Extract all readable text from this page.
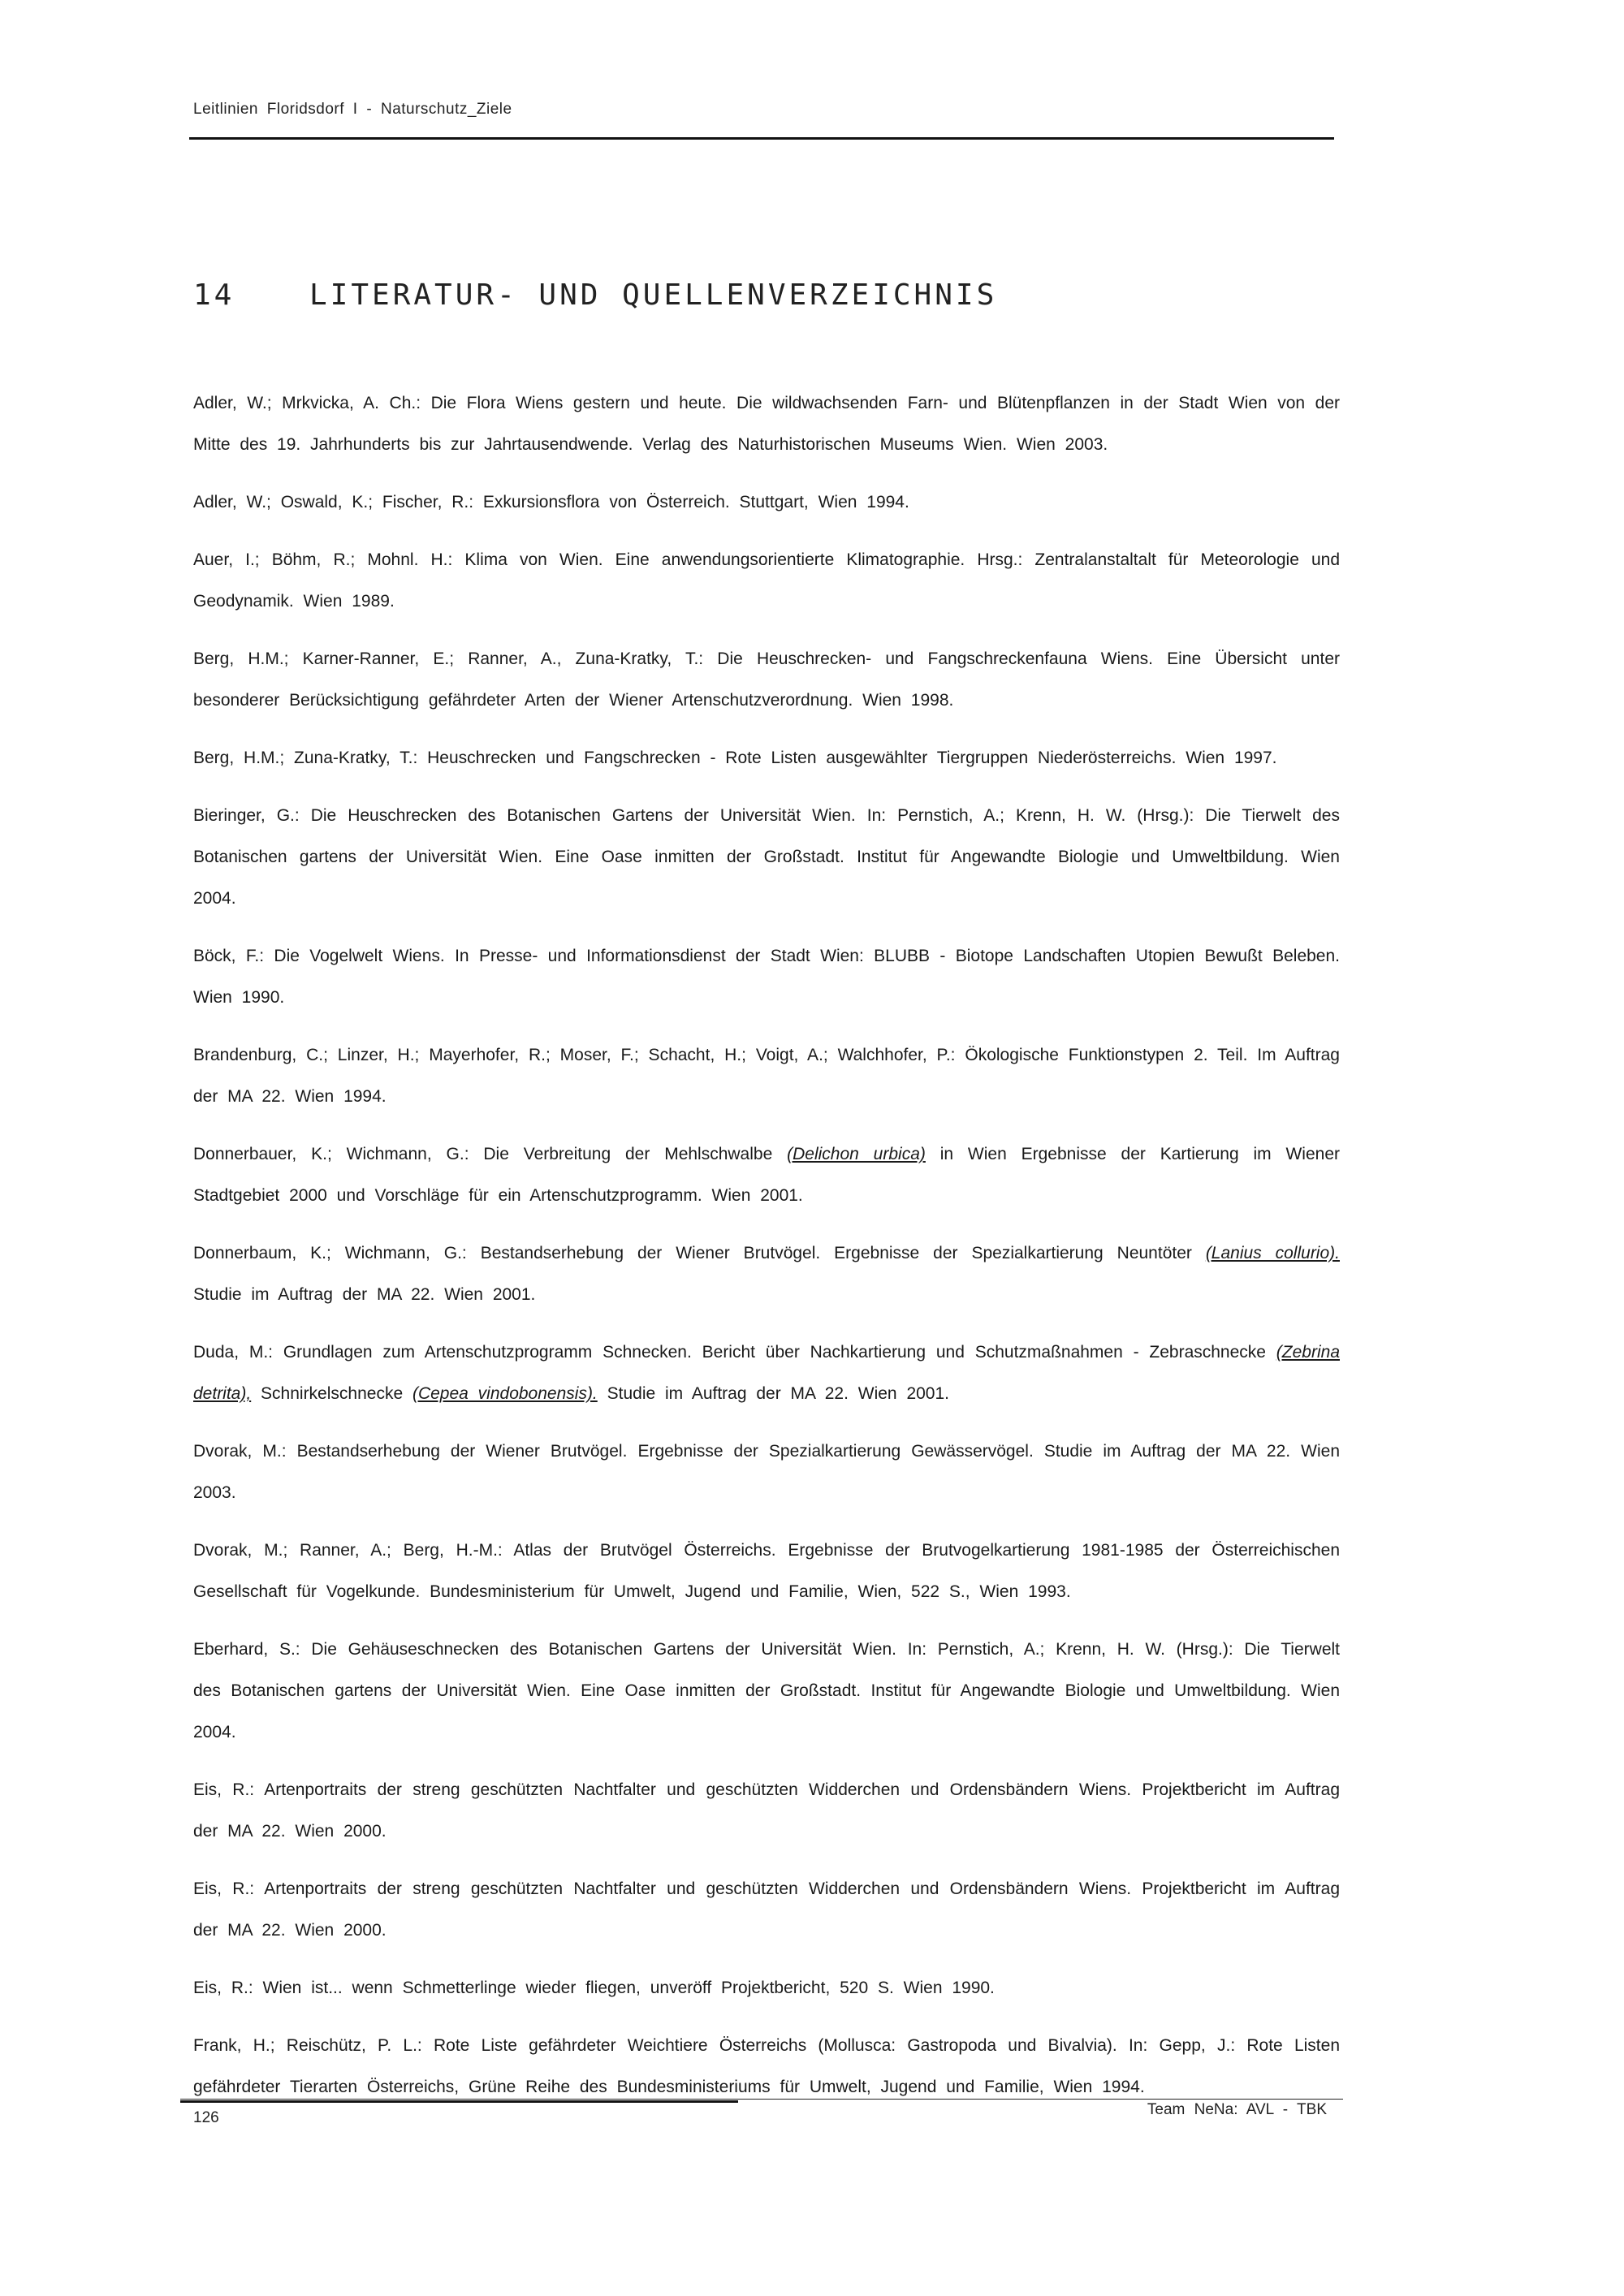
Leitlinien Floridsdorf I - Naturschutz_Ziele
14	LITERATUR- UND QUELLENVERZEICHNIS

Adler, W.; Mrkvicka, A. Ch.: Die Flora Wiens gestern und heute. Die wildwachsenden Farn- und Blütenpflanzen in der Stadt Wien von der Mitte des 19. Jahrhunderts bis zur Jahrtausendwende. Verlag des Naturhistorischen Museums Wien. Wien 2003.

Adler, W.; Oswald, K.; Fischer, R.: Exkursionsflora von Österreich. Stuttgart, Wien 1994.

Auer, I.; Böhm, R.; Mohnl. H.: Klima von Wien. Eine anwendungsorientierte Klimatographie. Hrsg.: Zentralanstaltalt für Meteorologie und Geodynamik. Wien 1989.

Berg, H.M.; Karner-Ranner, E.; Ranner, A., Zuna-Kratky, T.: Die Heuschrecken- und Fangschreckenfauna Wiens. Eine Übersicht unter besonderer Berücksichtigung gefährdeter Arten der Wiener Artenschutzverordnung. Wien 1998.

Berg, H.M.; Zuna-Kratky, T.: Heuschrecken und Fangschrecken - Rote Listen ausgewählter Tiergruppen Niederösterreichs. Wien 1997.

Bieringer, G.: Die Heuschrecken des Botanischen Gartens der Universität Wien. In: Pernstich, A.; Krenn, H. W. (Hrsg.): Die Tierwelt des Botanischen gartens der Universität Wien. Eine Oase inmitten der Großstadt. Institut für Angewandte Biologie und Umweltbildung. Wien 2004.

Böck, F.: Die Vogelwelt Wiens. In Presse- und Informationsdienst der Stadt Wien: BLUBB - Biotope Landschaften Utopien Bewußt Beleben. Wien 1990.

Brandenburg, C.; Linzer, H.; Mayerhofer, R.; Moser, F.; Schacht, H.; Voigt, A.; Walchhofer, P.: Ökologische Funktionstypen 2. Teil. Im Auftrag der MA 22. Wien 1994.

Donnerbauer, K.; Wichmann, G.: Die Verbreitung der Mehlschwalbe (Delichon urbica) in Wien Ergebnisse der Kartierung im Wiener Stadtgebiet 2000 und Vorschläge für ein Artenschutzprogramm. Wien 2001.

Donnerbaum, K.; Wichmann, G.: Bestandserhebung der Wiener Brutvögel. Ergebnisse der Spezialkartierung Neuntöter (Lanius collurio). Studie im Auftrag der MA 22. Wien 2001.

Duda, M.: Grundlagen zum Artenschutzprogramm Schnecken. Bericht über Nachkartierung und Schutzmaßnahmen - Zebraschnecke (Zebrina detrita), Schnirkelschnecke (Cepea vindobonensis). Studie im Auftrag der MA 22. Wien 2001.

Dvorak, M.: Bestandserhebung der Wiener Brutvögel. Ergebnisse der Spezialkartierung Gewässervögel. Studie im Auftrag der MA 22. Wien 2003.

Dvorak, M.; Ranner, A.; Berg, H.-M.: Atlas der Brutvögel Österreichs. Ergebnisse der Brutvogelkartierung 1981-1985 der Österreichischen Gesellschaft für Vogelkunde. Bundesministerium für Umwelt, Jugend und Familie, Wien, 522 S., Wien 1993.

Eberhard, S.: Die Gehäuseschnecken des Botanischen Gartens der Universität Wien. In: Pernstich, A.; Krenn, H. W. (Hrsg.): Die Tierwelt des Botanischen gartens der Universität Wien. Eine Oase inmitten der Großstadt. Institut für Angewandte Biologie und Umweltbildung. Wien 2004.

Eis, R.: Artenportraits der streng geschützten Nachtfalter und geschützten Widderchen und Ordensbändern Wiens. Projektbericht im Auftrag der MA 22. Wien 2000.

Eis, R.: Artenportraits der streng geschützten Nachtfalter und geschützten Widderchen und Ordensbändern Wiens. Projektbericht im Auftrag der MA 22. Wien 2000.

Eis, R.: Wien ist... wenn Schmetterlinge wieder fliegen, unveröff Projektbericht, 520 S. Wien 1990.

Frank, H.; Reischütz, P. L.: Rote Liste gefährdeter Weichtiere Österreichs (Mollusca: Gastropoda und Bivalvia). In: Gepp, J.: Rote Listen gefährdeter Tierarten Österreichs, Grüne Reihe des Bundesministeriums für Umwelt, Jugend und Familie, Wien 1994.

126	Team NeNa: AVL - TBK
